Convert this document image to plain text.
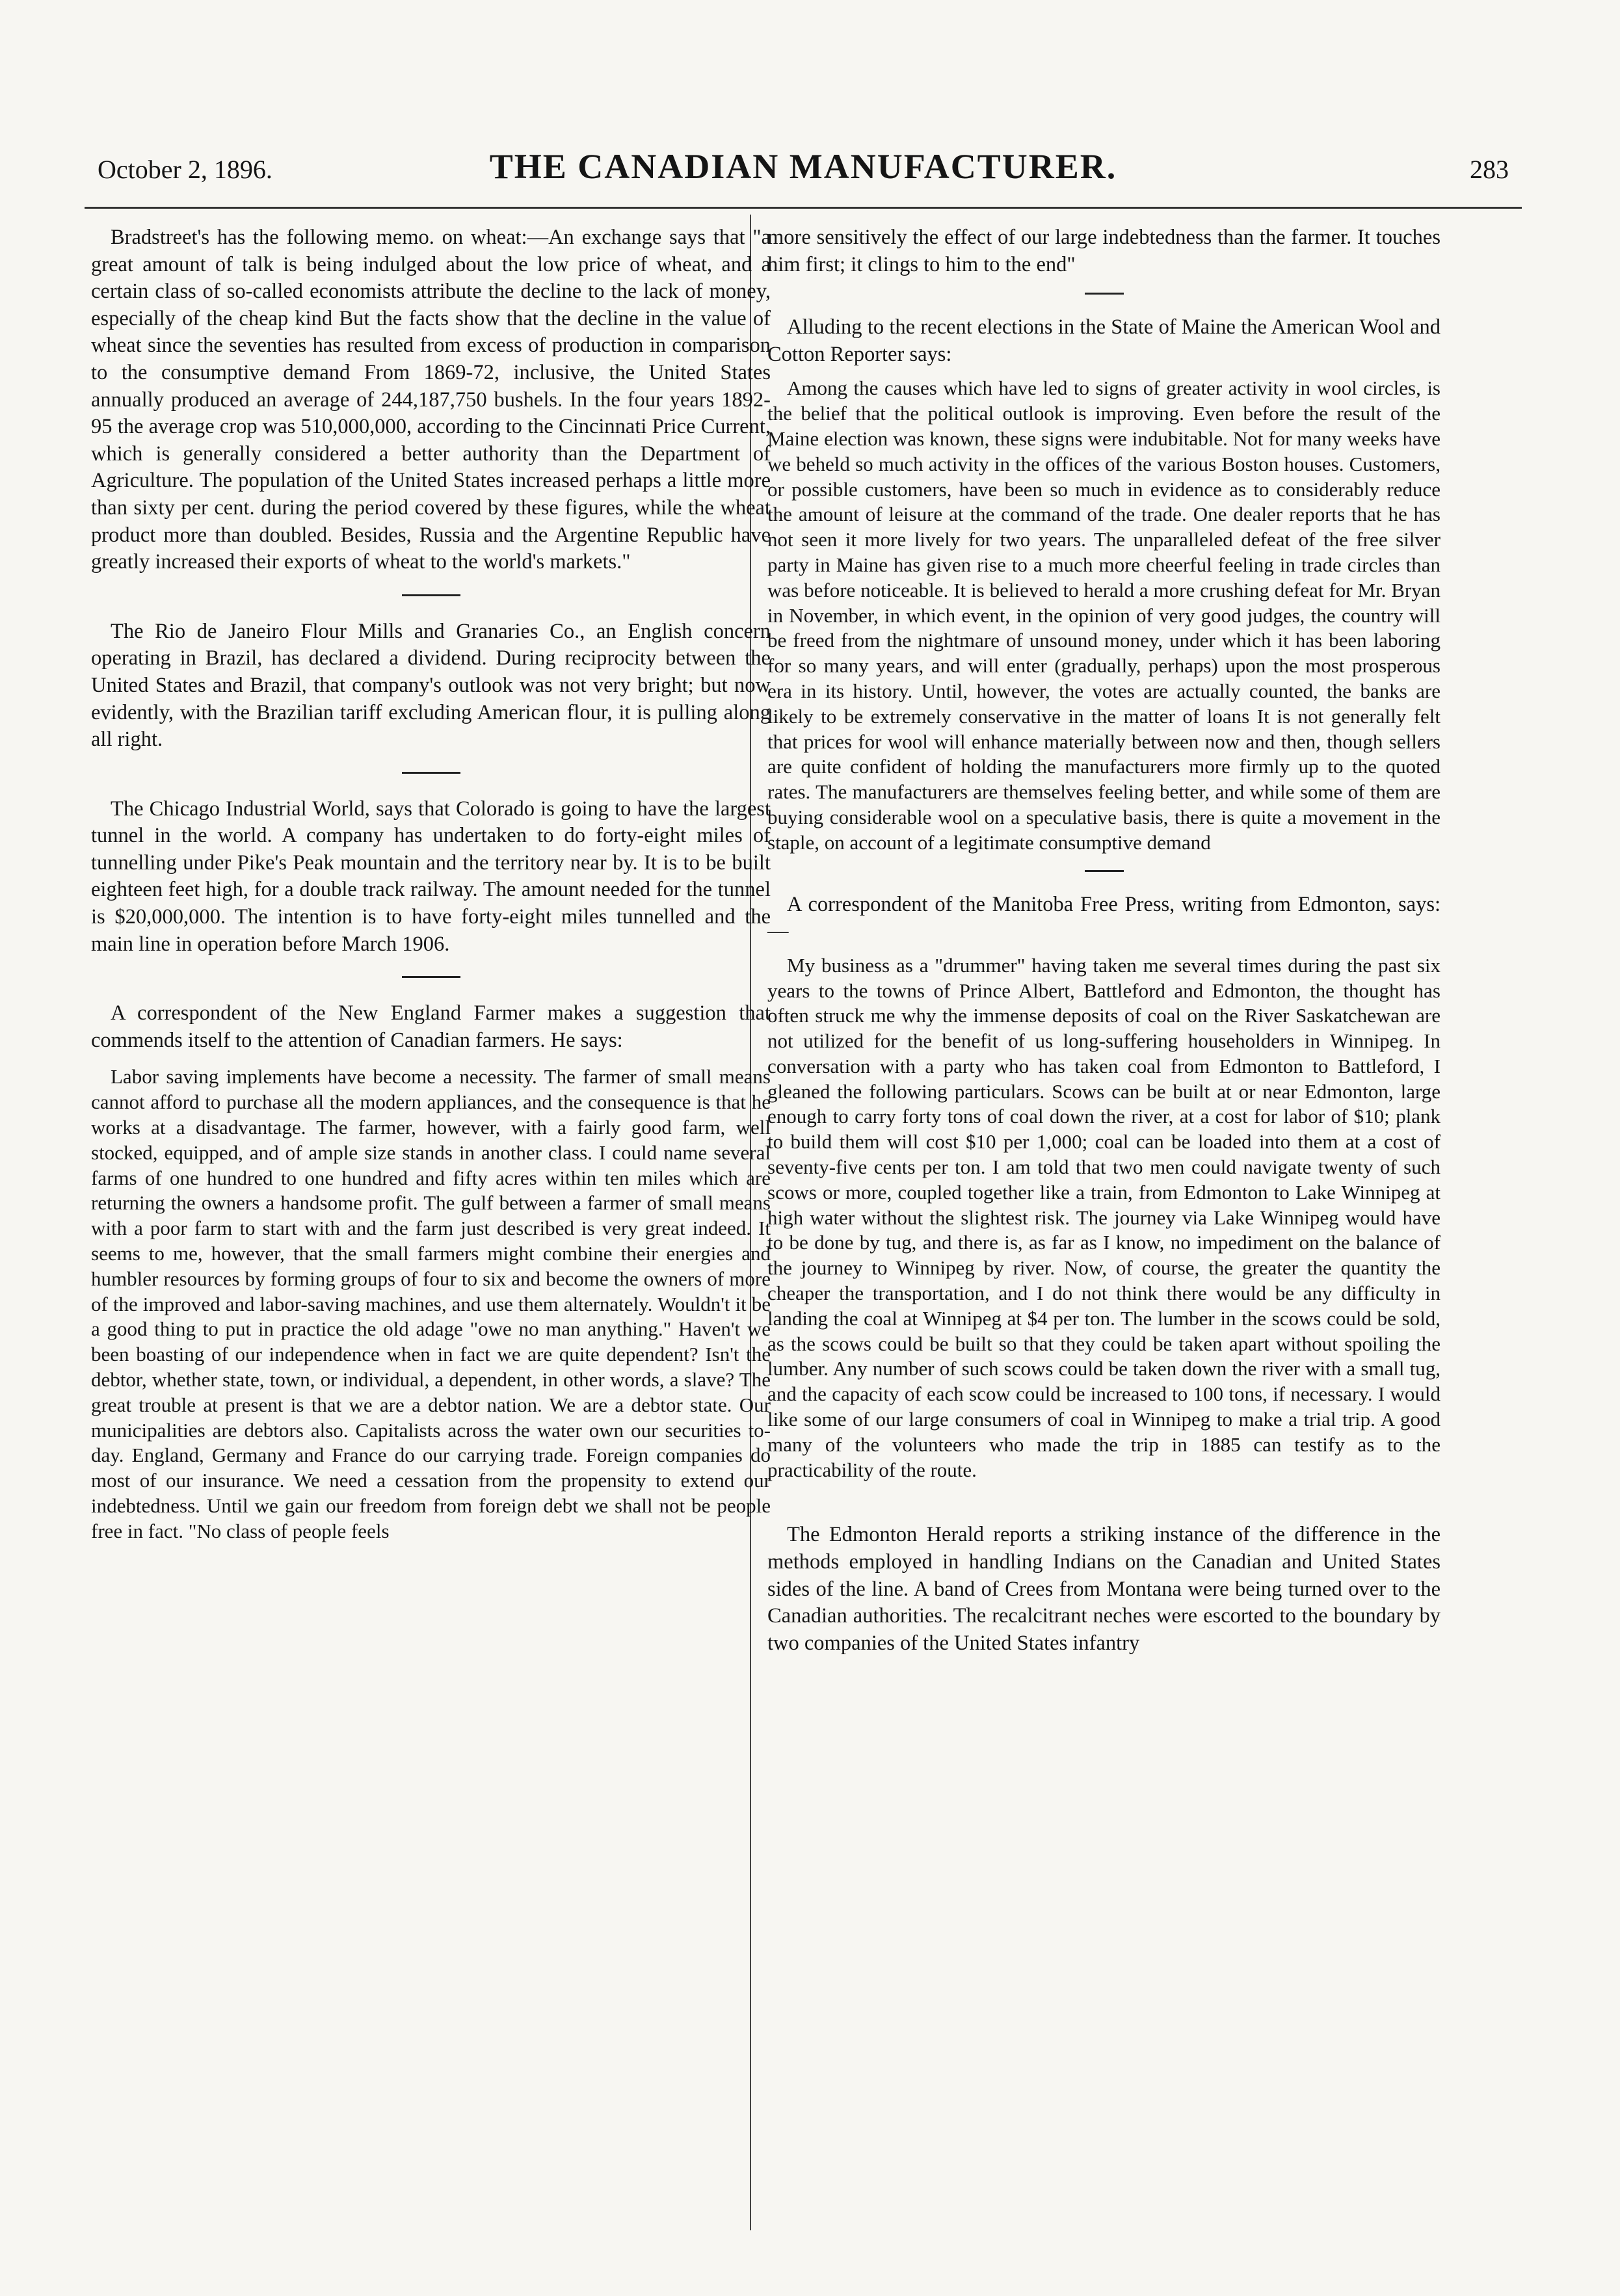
October 2, 1896.	THE CANADIAN MANUFACTURER.	283

Bradstreet's has the following memo. on wheat:—An exchange says that "a great amount of talk is being indulged about the low price of wheat, and a certain class of so-called economists attribute the decline to the lack of money, especially of the cheap kind But the facts show that the decline in the value of wheat since the seventies has resulted from excess of production in comparison to the consumptive demand From 1869-72, inclusive, the United States annually produced an average of 244,187,750 bushels. In the four years 1892-95 the average crop was 510,000,000, according to the Cincinnati Price Current, which is generally considered a better authority than the Department of Agriculture. The population of the United States increased perhaps a little more than sixty per cent. during the period covered by these figures, while the wheat product more than doubled. Besides, Russia and the Argentine Republic have greatly increased their exports of wheat to the world's markets."

The Rio de Janeiro Flour Mills and Granaries Co., an English concern operating in Brazil, has declared a dividend. During reciprocity between the United States and Brazil, that company's outlook was not very bright; but now evidently, with the Brazilian tariff excluding American flour, it is pulling along all right.

The Chicago Industrial World, says that Colorado is going to have the largest tunnel in the world. A company has undertaken to do forty-eight miles of tunnelling under Pike's Peak mountain and the territory near by. It is to be built eighteen feet high, for a double track railway. The amount needed for the tunnel is $20,000,000. The intention is to have forty-eight miles tunnelled and the main line in operation before March 1906.

A correspondent of the New England Farmer makes a suggestion that commends itself to the attention of Canadian farmers. He says:

Labor saving implements have become a necessity. The farmer of small means cannot afford to purchase all the modern appliances, and the consequence is that he works at a disadvantage. The farmer, however, with a fairly good farm, well stocked, equipped, and of ample size stands in another class. I could name several farms of one hundred to one hundred and fifty acres within ten miles which are returning the owners a handsome profit. The gulf between a farmer of small means with a poor farm to start with and the farm just described is very great indeed. It seems to me, however, that the small farmers might combine their energies and humbler resources by forming groups of four to six and become the owners of more of the improved and labor-saving machines, and use them alternately. Wouldn't it be a good thing to put in practice the old adage "owe no man anything." Haven't we been boasting of our independence when in fact we are quite dependent? Isn't the debtor, whether state, town, or individual, a dependent, in other words, a slave? The great trouble at present is that we are a debtor nation. We are a debtor state. Our municipalities are debtors also. Capitalists across the water own our securities to-day. England, Germany and France do our carrying trade. Foreign companies do most of our insurance. We need a cessation from the propensity to extend our indebtedness. Until we gain our freedom from foreign debt we shall not be people free in fact. "No class of people feels

more sensitively the effect of our large indebtedness than the farmer. It touches him first; it clings to him to the end"

Alluding to the recent elections in the State of Maine the American Wool and Cotton Reporter says:

Among the causes which have led to signs of greater activity in wool circles, is the belief that the political outlook is improving. Even before the result of the Maine election was known, these signs were indubitable. Not for many weeks have we beheld so much activity in the offices of the various Boston houses. Customers, or possible customers, have been so much in evidence as to considerably reduce the amount of leisure at the command of the trade. One dealer reports that he has not seen it more lively for two years. The unparalleled defeat of the free silver party in Maine has given rise to a much more cheerful feeling in trade circles than was before noticeable. It is believed to herald a more crushing defeat for Mr. Bryan in November, in which event, in the opinion of very good judges, the country will be freed from the nightmare of unsound money, under which it has been laboring for so many years, and will enter (gradually, perhaps) upon the most prosperous era in its history. Until, however, the votes are actually counted, the banks are likely to be extremely conservative in the matter of loans It is not generally felt that prices for wool will enhance materially between now and then, though sellers are quite confident of holding the manufacturers more firmly up to the quoted rates. The manufacturers are themselves feeling better, and while some of them are buying considerable wool on a speculative basis, there is quite a movement in the staple, on account of a legitimate consumptive demand

A correspondent of the Manitoba Free Press, writing from Edmonton, says:—

My business as a "drummer" having taken me several times during the past six years to the towns of Prince Albert, Battleford and Edmonton, the thought has often struck me why the immense deposits of coal on the River Saskatchewan are not utilized for the benefit of us long-suffering householders in Winnipeg. In conversation with a party who has taken coal from Edmonton to Battleford, I gleaned the following particulars. Scows can be built at or near Edmonton, large enough to carry forty tons of coal down the river, at a cost for labor of $10; plank to build them will cost $10 per 1,000; coal can be loaded into them at a cost of seventy-five cents per ton. I am told that two men could navigate twenty of such scows or more, coupled together like a train, from Edmonton to Lake Winnipeg at high water without the slightest risk. The journey via Lake Winnipeg would have to be done by tug, and there is, as far as I know, no impediment on the balance of the journey to Winnipeg by river. Now, of course, the greater the quantity the cheaper the transportation, and I do not think there would be any difficulty in landing the coal at Winnipeg at $4 per ton. The lumber in the scows could be sold, as the scows could be built so that they could be taken apart without spoiling the lumber. Any number of such scows could be taken down the river with a small tug, and the capacity of each scow could be increased to 100 tons, if necessary. I would like some of our large consumers of coal in Winnipeg to make a trial trip. A good many of the volunteers who made the trip in 1885 can testify as to the practicability of the route.

The Edmonton Herald reports a striking instance of the difference in the methods employed in handling Indians on the Canadian and United States sides of the line. A band of Crees from Montana were being turned over to the Canadian authorities. The recalcitrant neches were escorted to the boundary by two companies of the United States infantry
